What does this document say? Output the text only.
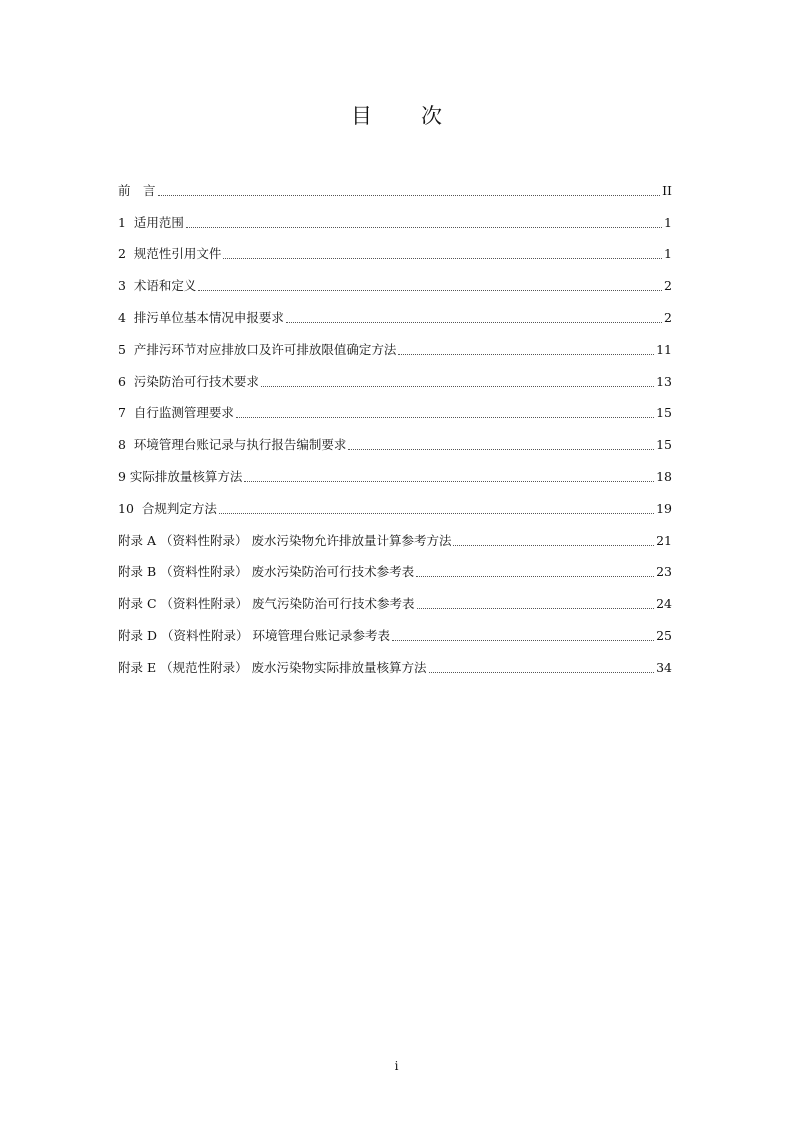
目　次
前　言	II
1  适用范围	1
2  规范性引用文件	1
3  术语和定义	2
4  排污单位基本情况申报要求	2
5  产排污环节对应排放口及许可排放限值确定方法	11
6  污染防治可行技术要求	13
7  自行监测管理要求	15
8  环境管理台账记录与执行报告编制要求	15
9 实际排放量核算方法	18
10  合规判定方法	19
附录 A （资料性附录） 废水污染物允许排放量计算参考方法	21
附录 B （资料性附录） 废水污染防治可行技术参考表	23
附录 C （资料性附录） 废气污染防治可行技术参考表	24
附录 D （资料性附录） 环境管理台账记录参考表	25
附录 E （规范性附录） 废水污染物实际排放量核算方法	34
i
